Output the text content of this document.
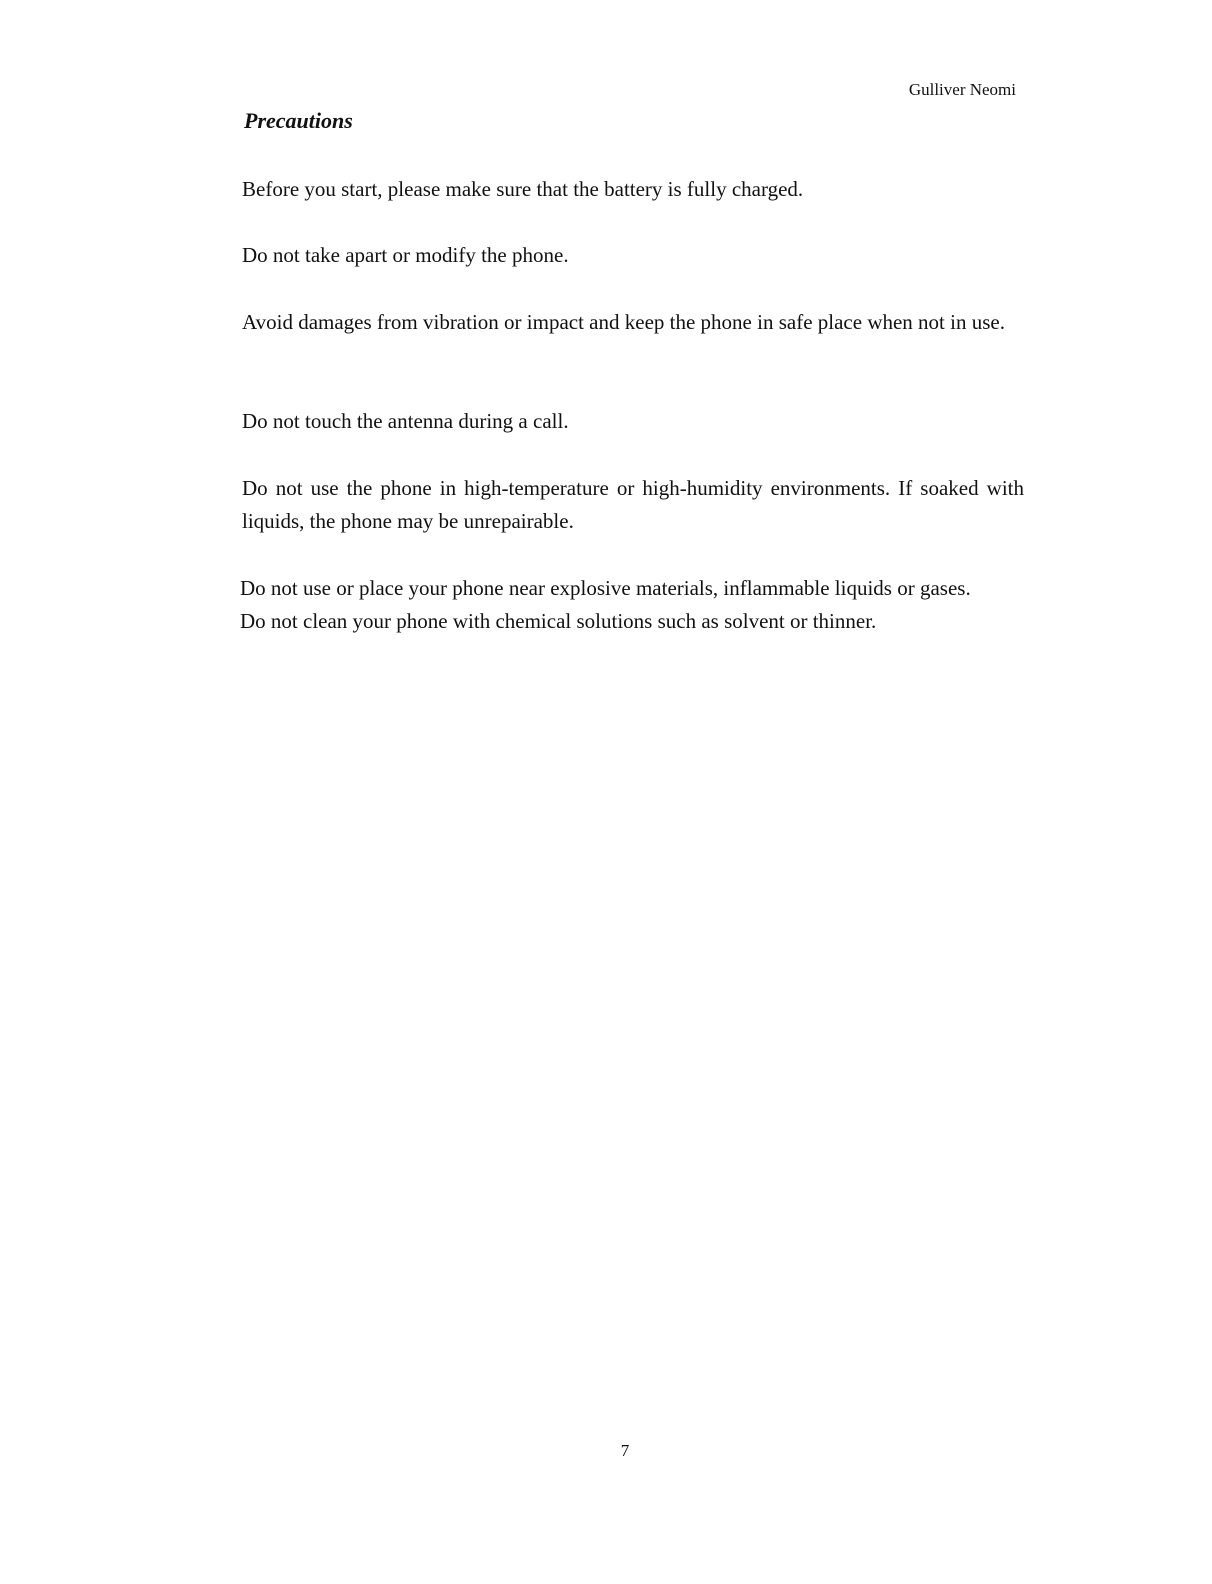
Gulliver Neomi
Precautions

Before you start, please make sure that the battery is fully charged.

Do not take apart or modify the phone.

Avoid damages from vibration or impact and keep the phone in safe place when not in use.

Do not touch the antenna during a call.

Do not use the phone in high-temperature or high-humidity environments. If soaked with liquids, the phone may be unrepairable.

Do not use or place your phone near explosive materials, inflammable liquids or gases.
Do not clean your phone with chemical solutions such as solvent or thinner.
7
